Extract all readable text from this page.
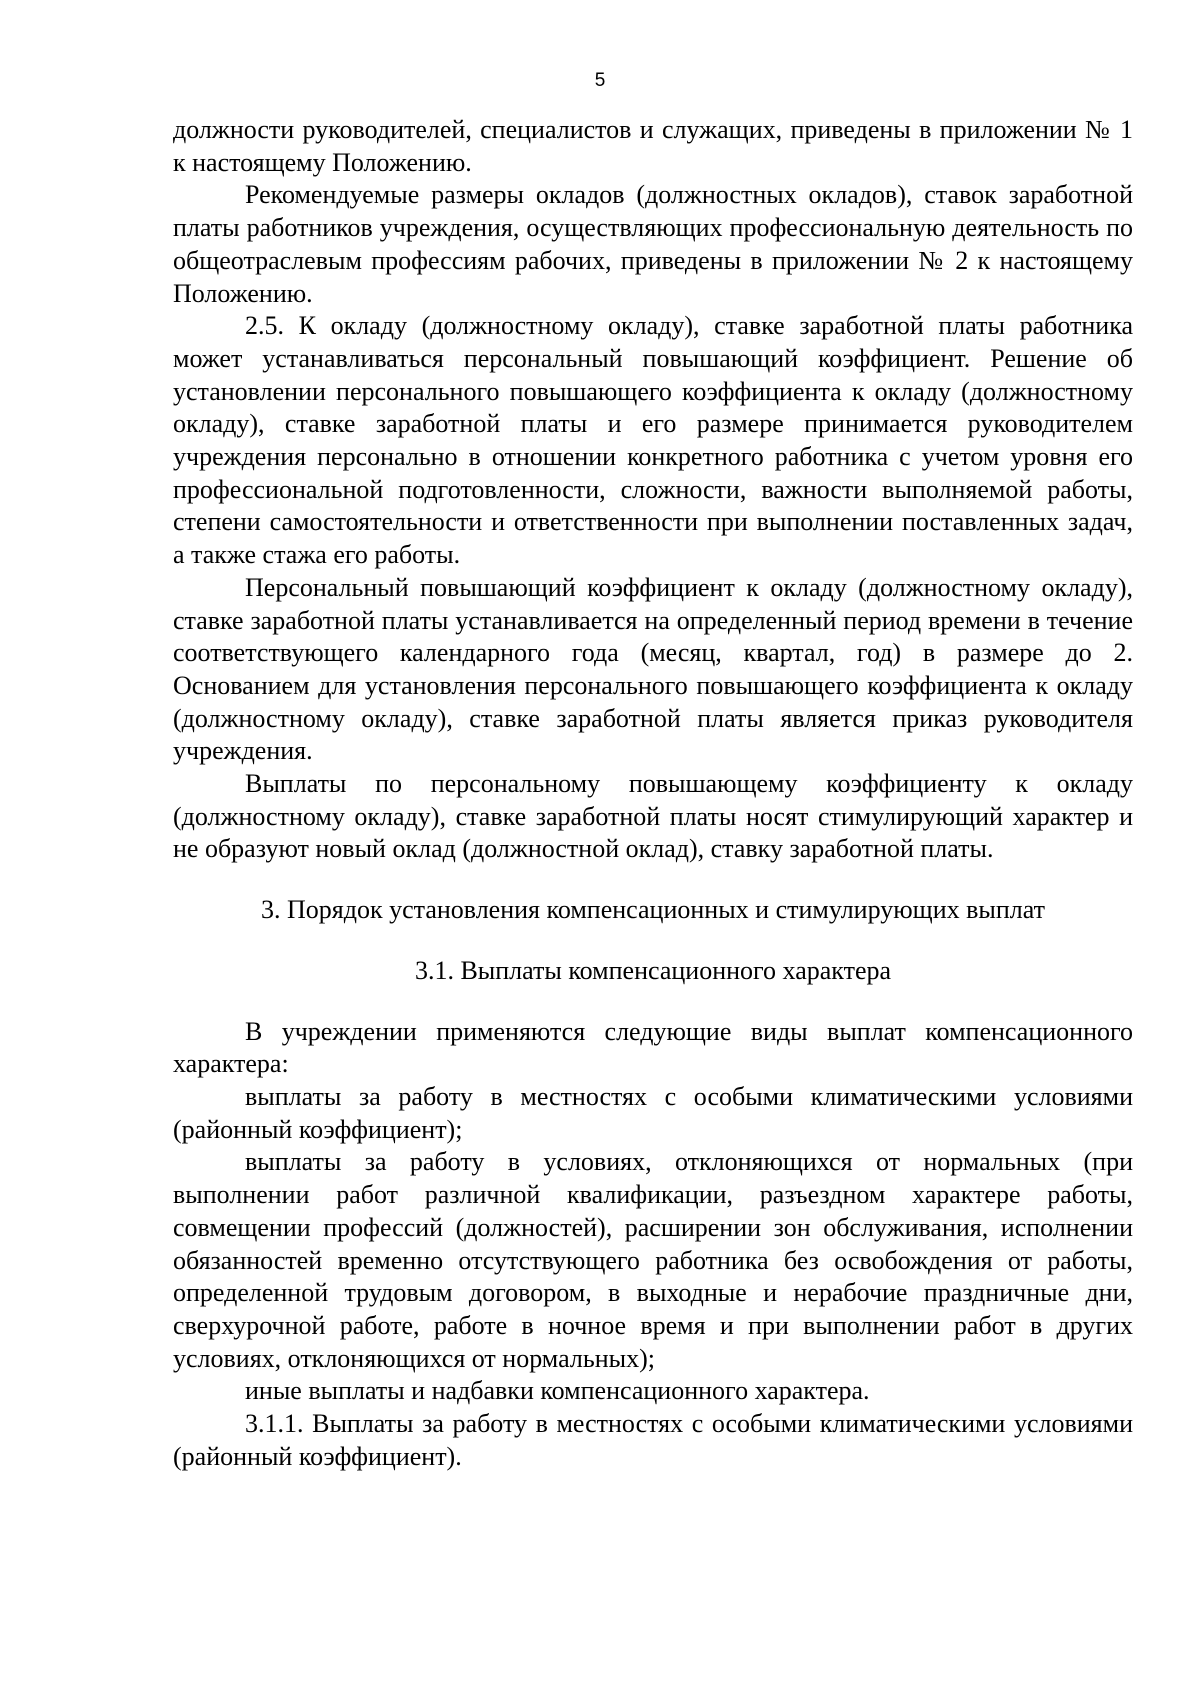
5

должности руководителей, специалистов и служащих, приведены в приложении № 1 к настоящему Положению.

Рекомендуемые размеры окладов (должностных окладов), ставок заработной платы работников учреждения, осуществляющих профессиональную деятельность по общеотраслевым профессиям рабочих, приведены в приложении № 2 к настоящему Положению.

2.5. К окладу (должностному окладу), ставке заработной платы работника может устанавливаться персональный повышающий коэффициент. Решение об установлении персонального повышающего коэффициента к окладу (должностному окладу), ставке заработной платы и его размере принимается руководителем учреждения персонально в отношении конкретного работника с учетом уровня его профессиональной подготовленности, сложности, важности выполняемой работы, степени самостоятельности и ответственности при выполнении поставленных задач, а также стажа его работы.

Персональный повышающий коэффициент к окладу (должностному окладу), ставке заработной платы устанавливается на определенный период времени в течение соответствующего календарного года (месяц, квартал, год) в размере до 2. Основанием для установления персонального повышающего коэффициента к окладу (должностному окладу), ставке заработной платы является приказ руководителя учреждения.

Выплаты по персональному повышающему коэффициенту к окладу (должностному окладу), ставке заработной платы носят стимулирующий характер и не образуют новый оклад (должностной оклад), ставку заработной платы.

3. Порядок установления компенсационных и стимулирующих выплат

3.1. Выплаты компенсационного характера

В учреждении применяются следующие виды выплат компенсационного характера:

выплаты за работу в местностях с особыми климатическими условиями (районный коэффициент);

выплаты за работу в условиях, отклоняющихся от нормальных (при выполнении работ различной квалификации, разъездном характере работы, совмещении профессий (должностей), расширении зон обслуживания, исполнении обязанностей временно отсутствующего работника без освобождения от работы, определенной трудовым договором, в выходные и нерабочие праздничные дни, сверхурочной работе, работе в ночное время и при выполнении работ в других условиях, отклоняющихся от нормальных);

иные выплаты и надбавки компенсационного характера.

3.1.1. Выплаты за работу в местностях с особыми климатическими условиями (районный коэффициент).
